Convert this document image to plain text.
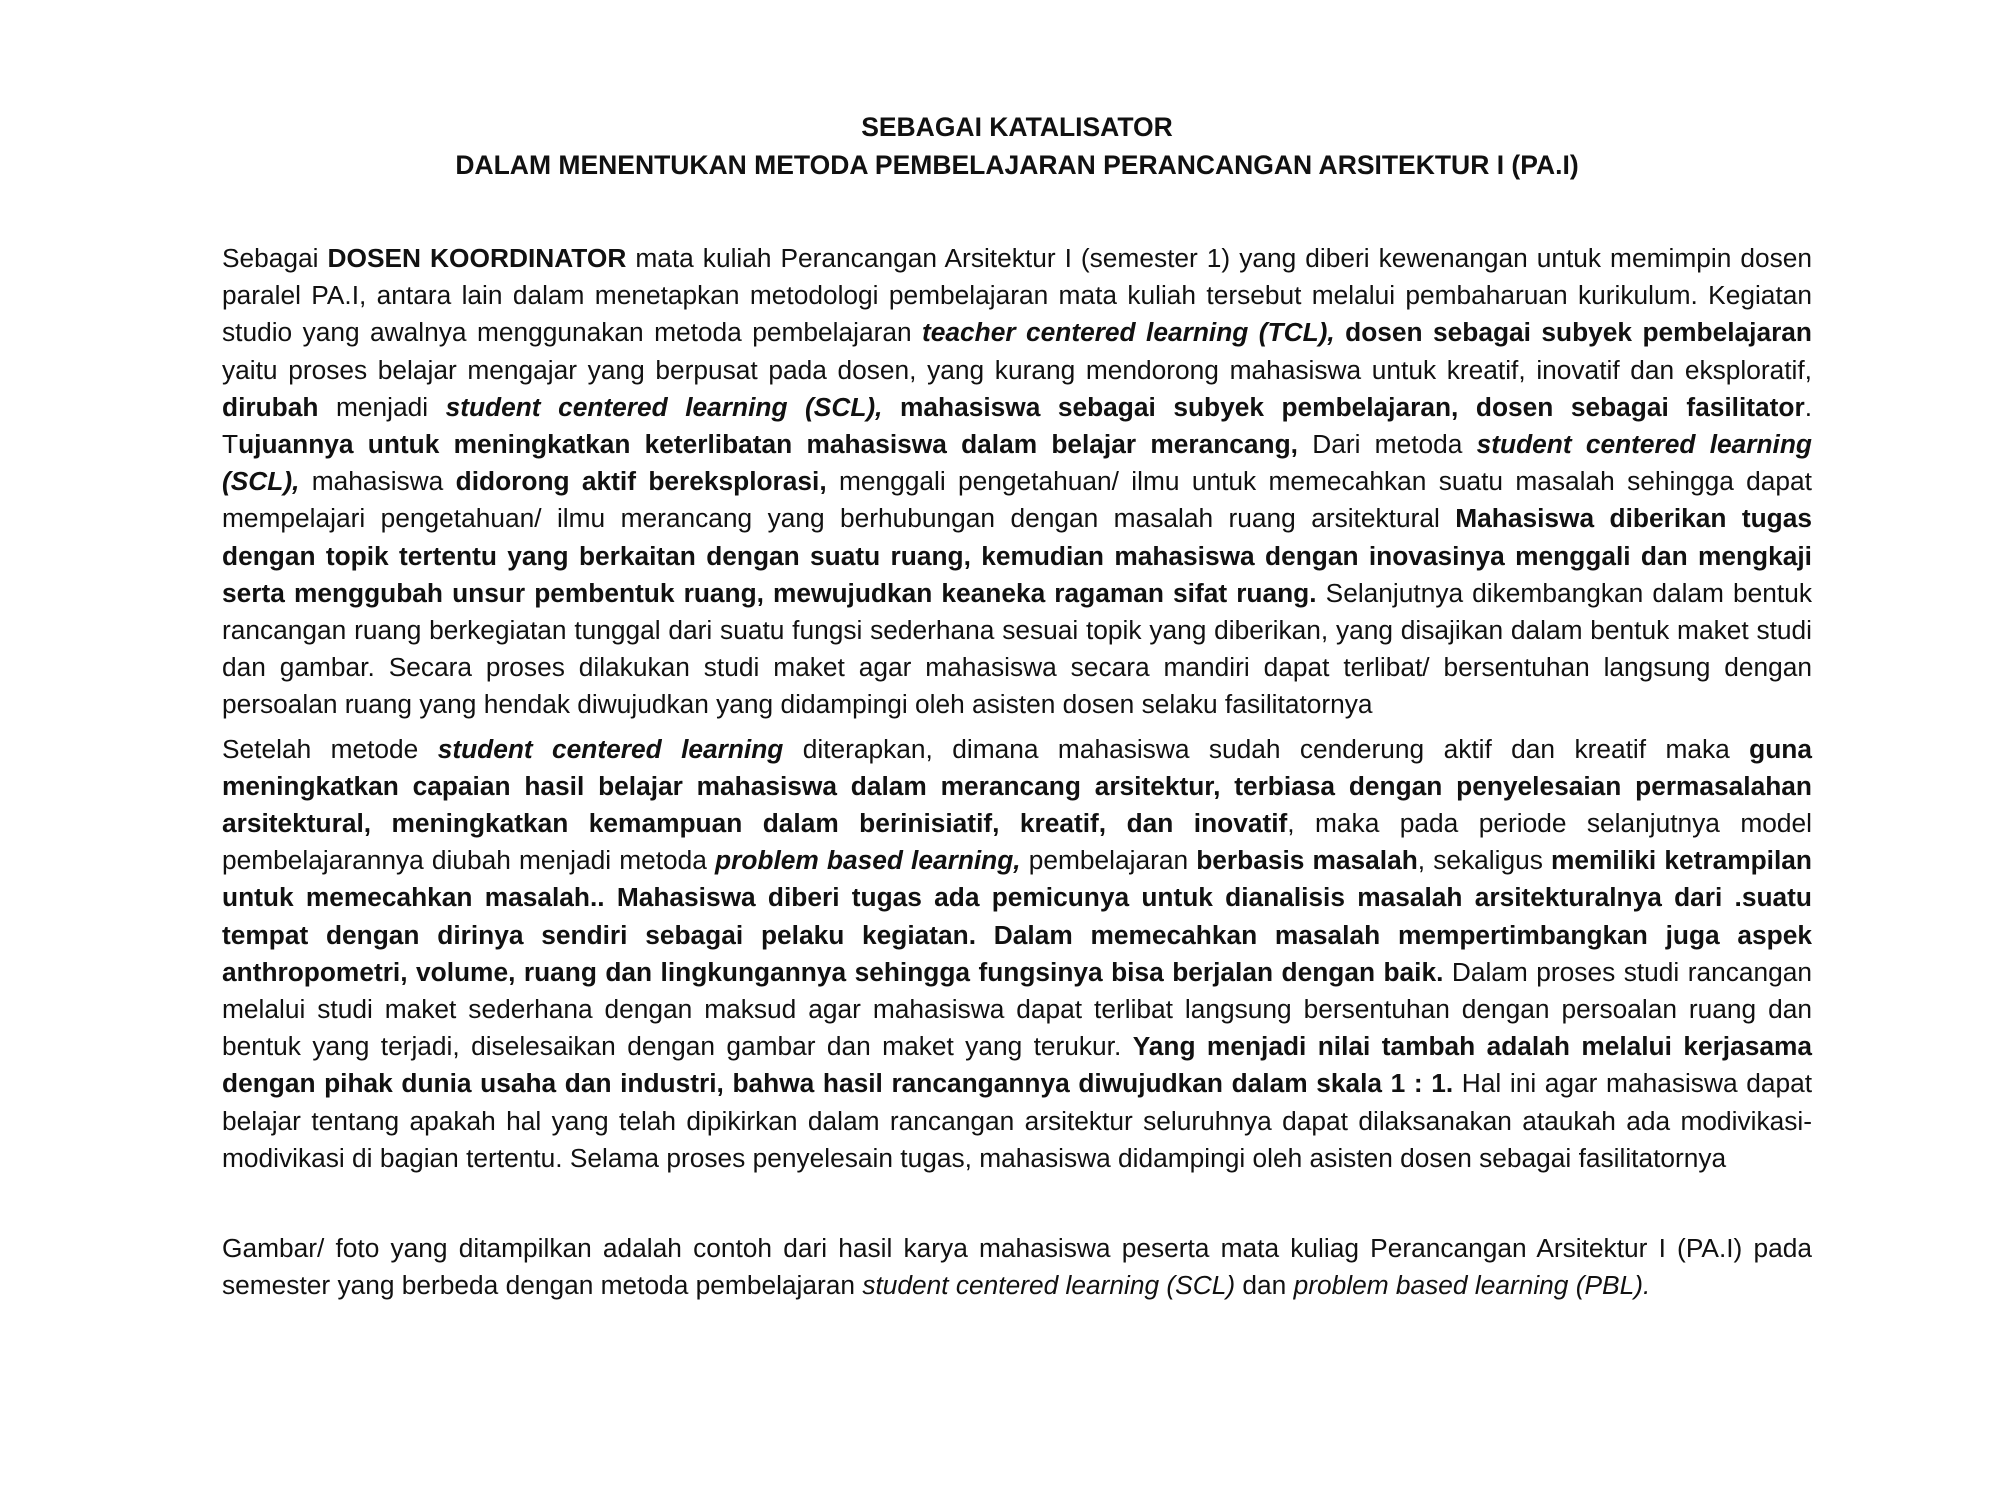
SEBAGAI KATALISATOR
DALAM MENENTUKAN METODA PEMBELAJARAN PERANCANGAN ARSITEKTUR I (PA.I)

Sebagai DOSEN KOORDINATOR mata kuliah Perancangan Arsitektur I (semester 1) yang diberi kewenangan untuk memimpin dosen paralel PA.I, antara lain dalam menetapkan metodologi pembelajaran mata kuliah tersebut melalui pembaharuan kurikulum. Kegiatan studio yang awalnya menggunakan metoda pembelajaran teacher centered learning (TCL), dosen sebagai subyek pembelajaran yaitu proses belajar mengajar yang berpusat pada dosen, yang kurang mendorong mahasiswa untuk kreatif, inovatif dan eksploratif, dirubah menjadi student centered learning (SCL), mahasiswa sebagai subyek pembelajaran, dosen sebagai fasilitator. Tujuannya untuk meningkatkan keterlibatan mahasiswa dalam belajar merancang, Dari metoda student centered learning (SCL), mahasiswa didorong aktif bereksplorasi, menggali pengetahuan/ ilmu untuk memecahkan suatu masalah sehingga dapat mempelajari pengetahuan/ ilmu merancang yang berhubungan dengan masalah ruang arsitektural Mahasiswa diberikan tugas dengan topik tertentu yang berkaitan dengan suatu ruang, kemudian mahasiswa dengan inovasinya menggali dan mengkaji serta menggubah unsur pembentuk ruang, mewujudkan keaneka ragaman sifat ruang. Selanjutnya dikembangkan dalam bentuk rancangan ruang berkegiatan tunggal dari suatu fungsi sederhana sesuai topik yang diberikan, yang disajikan dalam bentuk maket studi dan gambar. Secara proses dilakukan studi maket agar mahasiswa secara mandiri dapat terlibat/ bersentuhan langsung dengan persoalan ruang yang hendak diwujudkan yang didampingi oleh asisten dosen selaku fasilitatornya

Setelah metode student centered learning diterapkan, dimana mahasiswa sudah cenderung aktif dan kreatif maka guna meningkatkan capaian hasil belajar mahasiswa dalam merancang arsitektur, terbiasa dengan penyelesaian permasalahan arsitektural, meningkatkan kemampuan dalam berinisiatif, kreatif, dan inovatif, maka pada periode selanjutnya model pembelajarannya diubah menjadi metoda problem based learning, pembelajaran berbasis masalah, sekaligus memiliki ketrampilan untuk memecahkan masalah.. Mahasiswa diberi tugas ada pemicunya untuk dianalisis masalah arsitekturalnya dari .suatu tempat dengan dirinya sendiri sebagai pelaku kegiatan. Dalam memecahkan masalah mempertimbangkan juga aspek anthropometri, volume, ruang dan lingkungannya sehingga fungsinya bisa berjalan dengan baik. Dalam proses studi rancangan melalui studi maket sederhana dengan maksud agar mahasiswa dapat terlibat langsung bersentuhan dengan persoalan ruang dan bentuk yang terjadi, diselesaikan dengan gambar dan maket yang terukur. Yang menjadi nilai tambah adalah melalui kerjasama dengan pihak dunia usaha dan industri, bahwa hasil rancangannya diwujudkan dalam skala 1 : 1. Hal ini agar mahasiswa dapat belajar tentang apakah hal yang telah dipikirkan dalam rancangan arsitektur seluruhnya dapat dilaksanakan ataukah ada modivikasi-modivikasi di bagian tertentu. Selama proses penyelesain tugas, mahasiswa didampingi oleh asisten dosen sebagai fasilitatornya

Gambar/ foto yang ditampilkan adalah contoh dari hasil karya mahasiswa peserta mata kuliag Perancangan Arsitektur I (PA.I) pada semester yang berbeda dengan metoda pembelajaran student centered learning (SCL) dan problem based learning (PBL).
